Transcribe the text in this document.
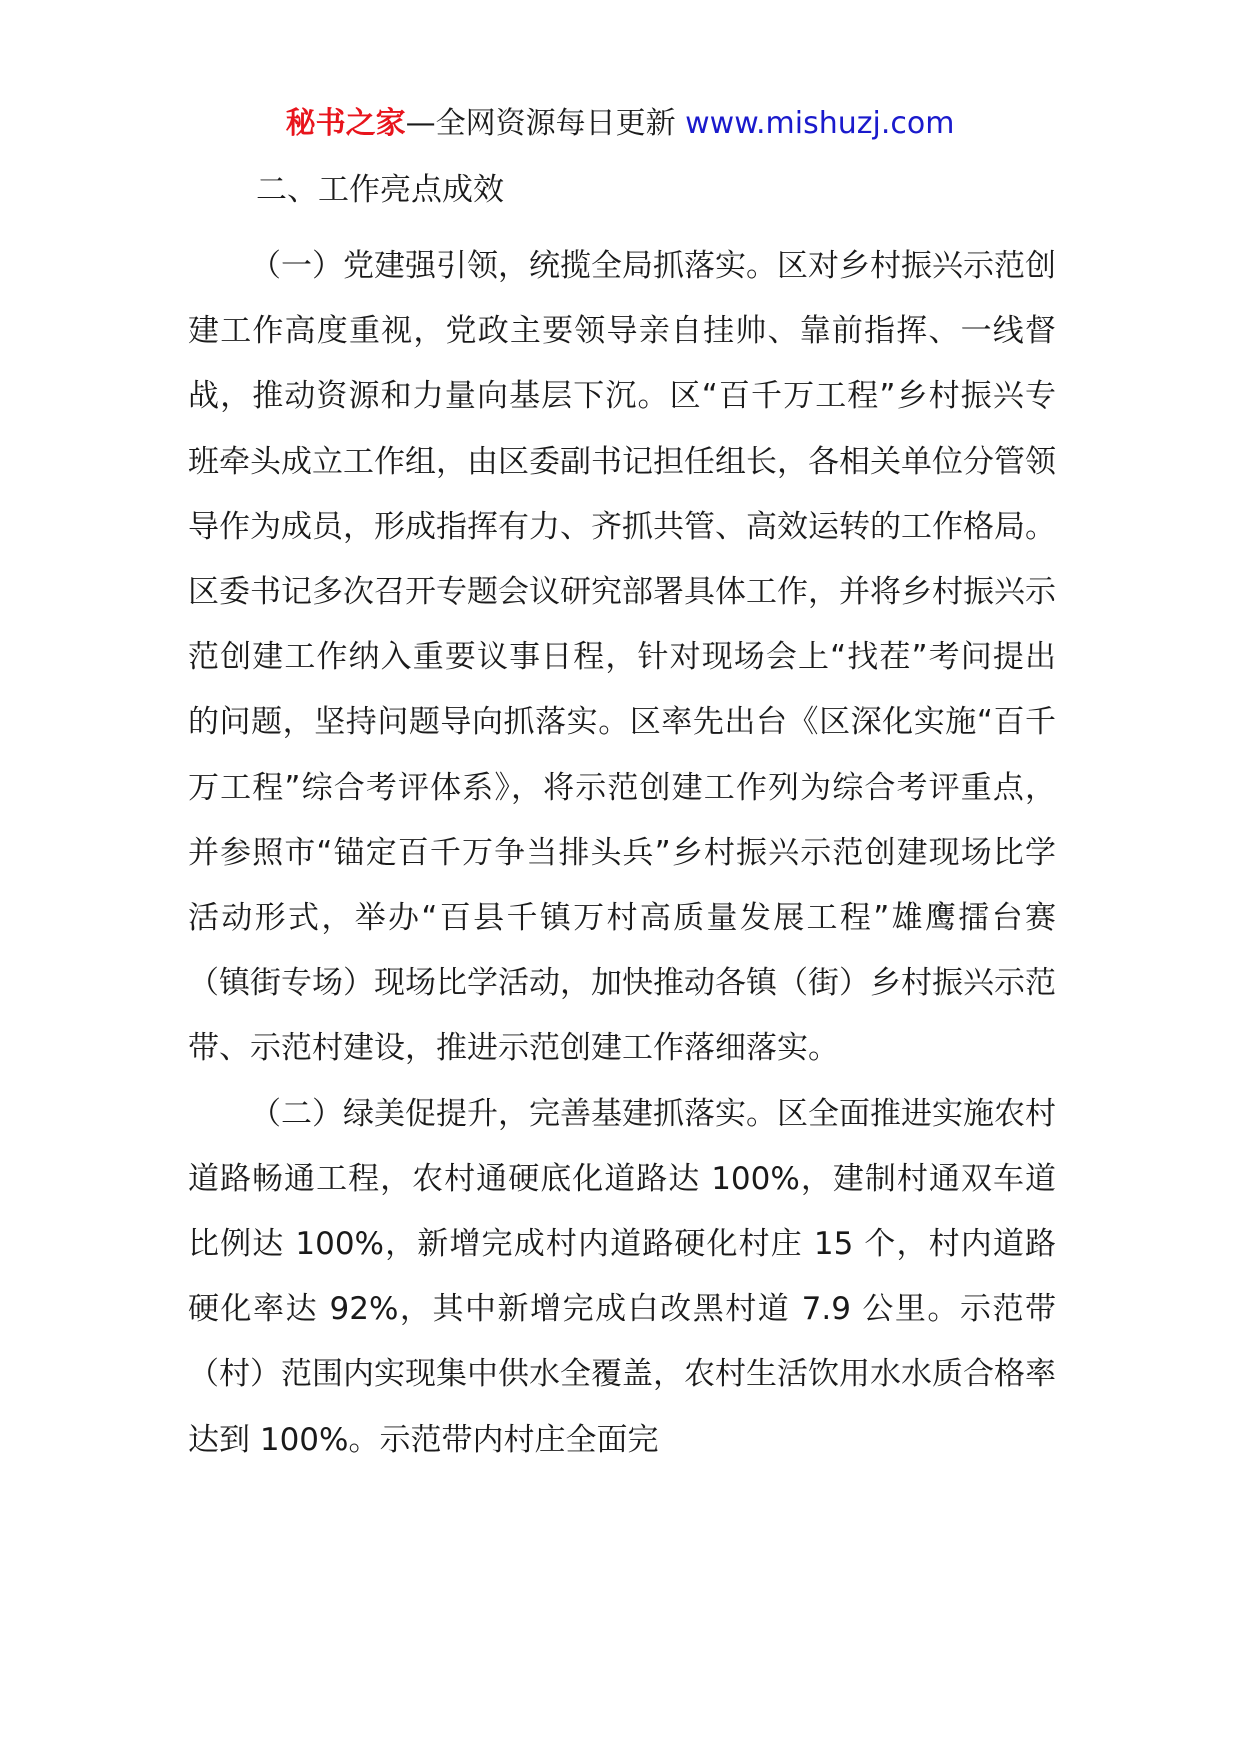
秘书之家—全网资源每日更新 www.mishuzj.com
二、工作亮点成效

（一）党建强引领，统揽全局抓落实。区对乡村振兴示范创建工作高度重视，党政主要领导亲自挂帅、靠前指挥、一线督战，推动资源和力量向基层下沉。区“百千万工程”乡村振兴专班牵头成立工作组，由区委副书记担任组长，各相关单位分管领导作为成员，形成指挥有力、齐抓共管、高效运转的工作格局。区委书记多次召开专题会议研究部署具体工作，并将乡村振兴示范创建工作纳入重要议事日程，针对现场会上“找茬”考问提出的问题，坚持问题导向抓落实。区率先出台《区深化实施“百千万工程”综合考评体系》，将示范创建工作列为综合考评重点，并参照市“锚定百千万争当排头兵”乡村振兴示范创建现场比学活动形式，举办“百县千镇万村高质量发展工程”雄鹰擂台赛（镇街专场）现场比学活动，加快推动各镇（街）乡村振兴示范带、示范村建设，推进示范创建工作落细落实。

（二）绿美促提升，完善基建抓落实。区全面推进实施农村道路畅通工程，农村通硬底化道路达 100%，建制村通双车道比例达 100%，新增完成村内道路硬化村庄 15 个，村内道路硬化率达 92%，其中新增完成白改黑村道 7.9 公里。示范带（村）范围内实现集中供水全覆盖，农村生活饮用水水质合格率达到 100%。示范带内村庄全面完
